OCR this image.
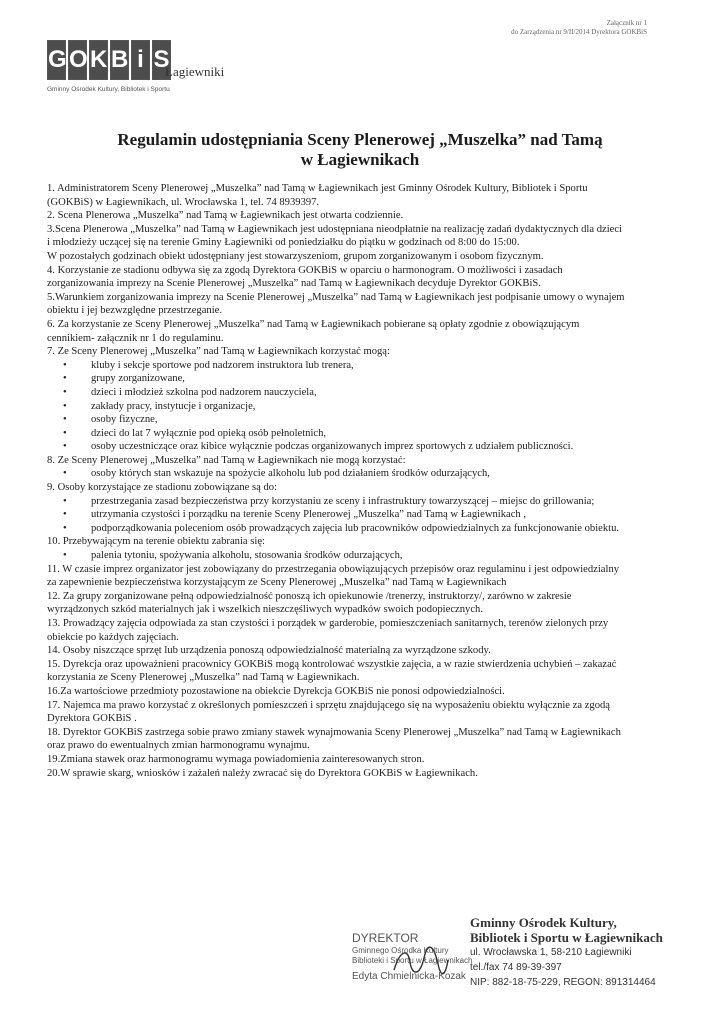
Załącznik nr 1
do Zarządzenia nr 9/II/2014 Dyrektora GOKBiS
G O K B i S
Łagiewniki
Gminny Ośrodek Kultury, Bibliotek i Sportu
Regulamin udostępniania Sceny Plenerowej „Muszelka” nad Tamą
w Łagiewnikach

1. Administratorem Sceny Plenerowej „Muszelka” nad Tamą w Łagiewnikach jest Gminny Ośrodek Kultury, Bibliotek i Sportu (GOKBiS) w Łagiewnikach, ul. Wrocławska 1, tel. 74 8939397.

2. Scena Plenerowa „Muszelka” nad Tamą w Łagiewnikach jest otwarta codziennie.

3.Scena Plenerowa „Muszelka” nad Tamą w Łagiewnikach jest udostępniana nieodpłatnie na realizację zadań dydaktycznych dla dzieci i młodzieży uczącej się na terenie Gminy Łagiewniki od poniedziałku do piątku w godzinach od 8:00 do 15:00.

W pozostałych godzinach obiekt udostępniany jest stowarzyszeniom, grupom zorganizowanym i osobom fizycznym.

4. Korzystanie ze stadionu odbywa się za zgodą Dyrektora GOKBiS w oparciu o harmonogram. O możliwości i zasadach zorganizowania imprezy na Scenie Plenerowej „Muszelka” nad Tamą w Łagiewnikach decyduje Dyrektor GOKBiS.

5.Warunkiem zorganizowania imprezy na Scenie Plenerowej „Muszelka” nad Tamą w Łagiewnikach jest podpisanie umowy o wynajem obiektu i jej bezwzględne przestrzeganie.

6. Za korzystanie ze Sceny Plenerowej „Muszelka” nad Tamą w Łagiewnikach pobierane są opłaty zgodnie z obowiązującym cennikiem- załącznik nr 1 do regulaminu.

7. Ze Sceny Plenerowej „Muszelka” nad Tamą w Łagiewnikach korzystać mogą:

• kluby i sekcje sportowe pod nadzorem instruktora lub trenera,
• grupy zorganizowane,
• dzieci i młodzież szkolna pod nadzorem nauczyciela,
• zakłady pracy, instytucje i organizacje,
• osoby fizyczne,
• dzieci do lat 7 wyłącznie pod opieką osób pełnoletnich,
• osoby uczestniczące oraz kibice wyłącznie podczas organizowanych imprez sportowych z udziałem publiczności.

8. Ze Sceny Plenerowej „Muszelka” nad Tamą w Łagiewnikach nie mogą korzystać:

• osoby których stan wskazuje na spożycie alkoholu lub pod działaniem środków odurzających,

9. Osoby korzystające ze stadionu zobowiązane są do:

• przestrzegania zasad bezpieczeństwa przy korzystaniu ze sceny i infrastruktury towarzyszącej – miejsc do grillowania;
• utrzymania czystości i porządku na terenie Sceny Plenerowej „Muszelka” nad Tamą w Łagiewnikach ,
• podporządkowania poleceniom osób prowadzących zajęcia lub pracowników odpowiedzialnych za funkcjonowanie obiektu.

10. Przebywającym na terenie obiektu zabrania się:

• palenia tytoniu, spożywania alkoholu, stosowania środków odurzających,

11. W czasie imprez organizator jest zobowiązany do przestrzegania obowiązujących przepisów oraz regulaminu i jest odpowiedzialny za zapewnienie bezpieczeństwa korzystającym ze Sceny Plenerowej „Muszelka” nad Tamą w Łagiewnikach

12. Za grupy zorganizowane pełną odpowiedzialność ponoszą ich opiekunowie /trenerzy, instruktorzy/, zarówno w zakresie wyrządzonych szkód materialnych jak i wszelkich nieszczęśliwych wypadków swoich podopiecznych.

13. Prowadzący zajęcia odpowiada za stan czystości i porządek w garderobie, pomieszczeniach sanitarnych, terenów zielonych przy obiekcie po każdych zajęciach.

14. Osoby niszczące sprzęt lub urządzenia ponoszą odpowiedzialność materialną za wyrządzone szkody.

15. Dyrekcja oraz upoważnieni pracownicy GOKBiS mogą kontrolować wszystkie zajęcia, a w razie stwierdzenia uchybień – zakazać korzystania ze Sceny Plenerowej „Muszelka” nad Tamą w Łagiewnikach.

16.Za wartościowe przedmioty pozostawione na obiekcie Dyrekcja GOKBiS nie ponosi odpowiedzialności.

17. Najemca ma prawo korzystać z określonych pomieszczeń i sprzętu znajdującego się na wyposażeniu obiektu wyłącznie za zgodą Dyrektora GOKBiS .

18. Dyrektor GOKBiS zastrzega sobie prawo zmiany stawek wynajmowania Sceny Plenerowej „Muszelka” nad Tamą w Łagiewnikach oraz prawo do ewentualnych zmian harmonogramu wynajmu.

19.Zmiana stawek oraz harmonogramu wymaga powiadomienia zainteresowanych stron.

20.W sprawie skarg, wniosków i zażaleń należy zwracać się do Dyrektora GOKBiS w Łagiewnikach.

DYREKTOR
Gminnego Ośrodka Kultury
Biblioteki i Sportu w Łagiewnikach
Edyta Chmielnicka-Kozak
Gminny Ośrodek Kultury,
Bibliotek i Sportu w Łagiewnikach
ul. Wrocławska 1, 58-210 Łagiewniki
tel./fax 74 89-39-397
NIP: 882-18-75-229, REGON: 891314464
